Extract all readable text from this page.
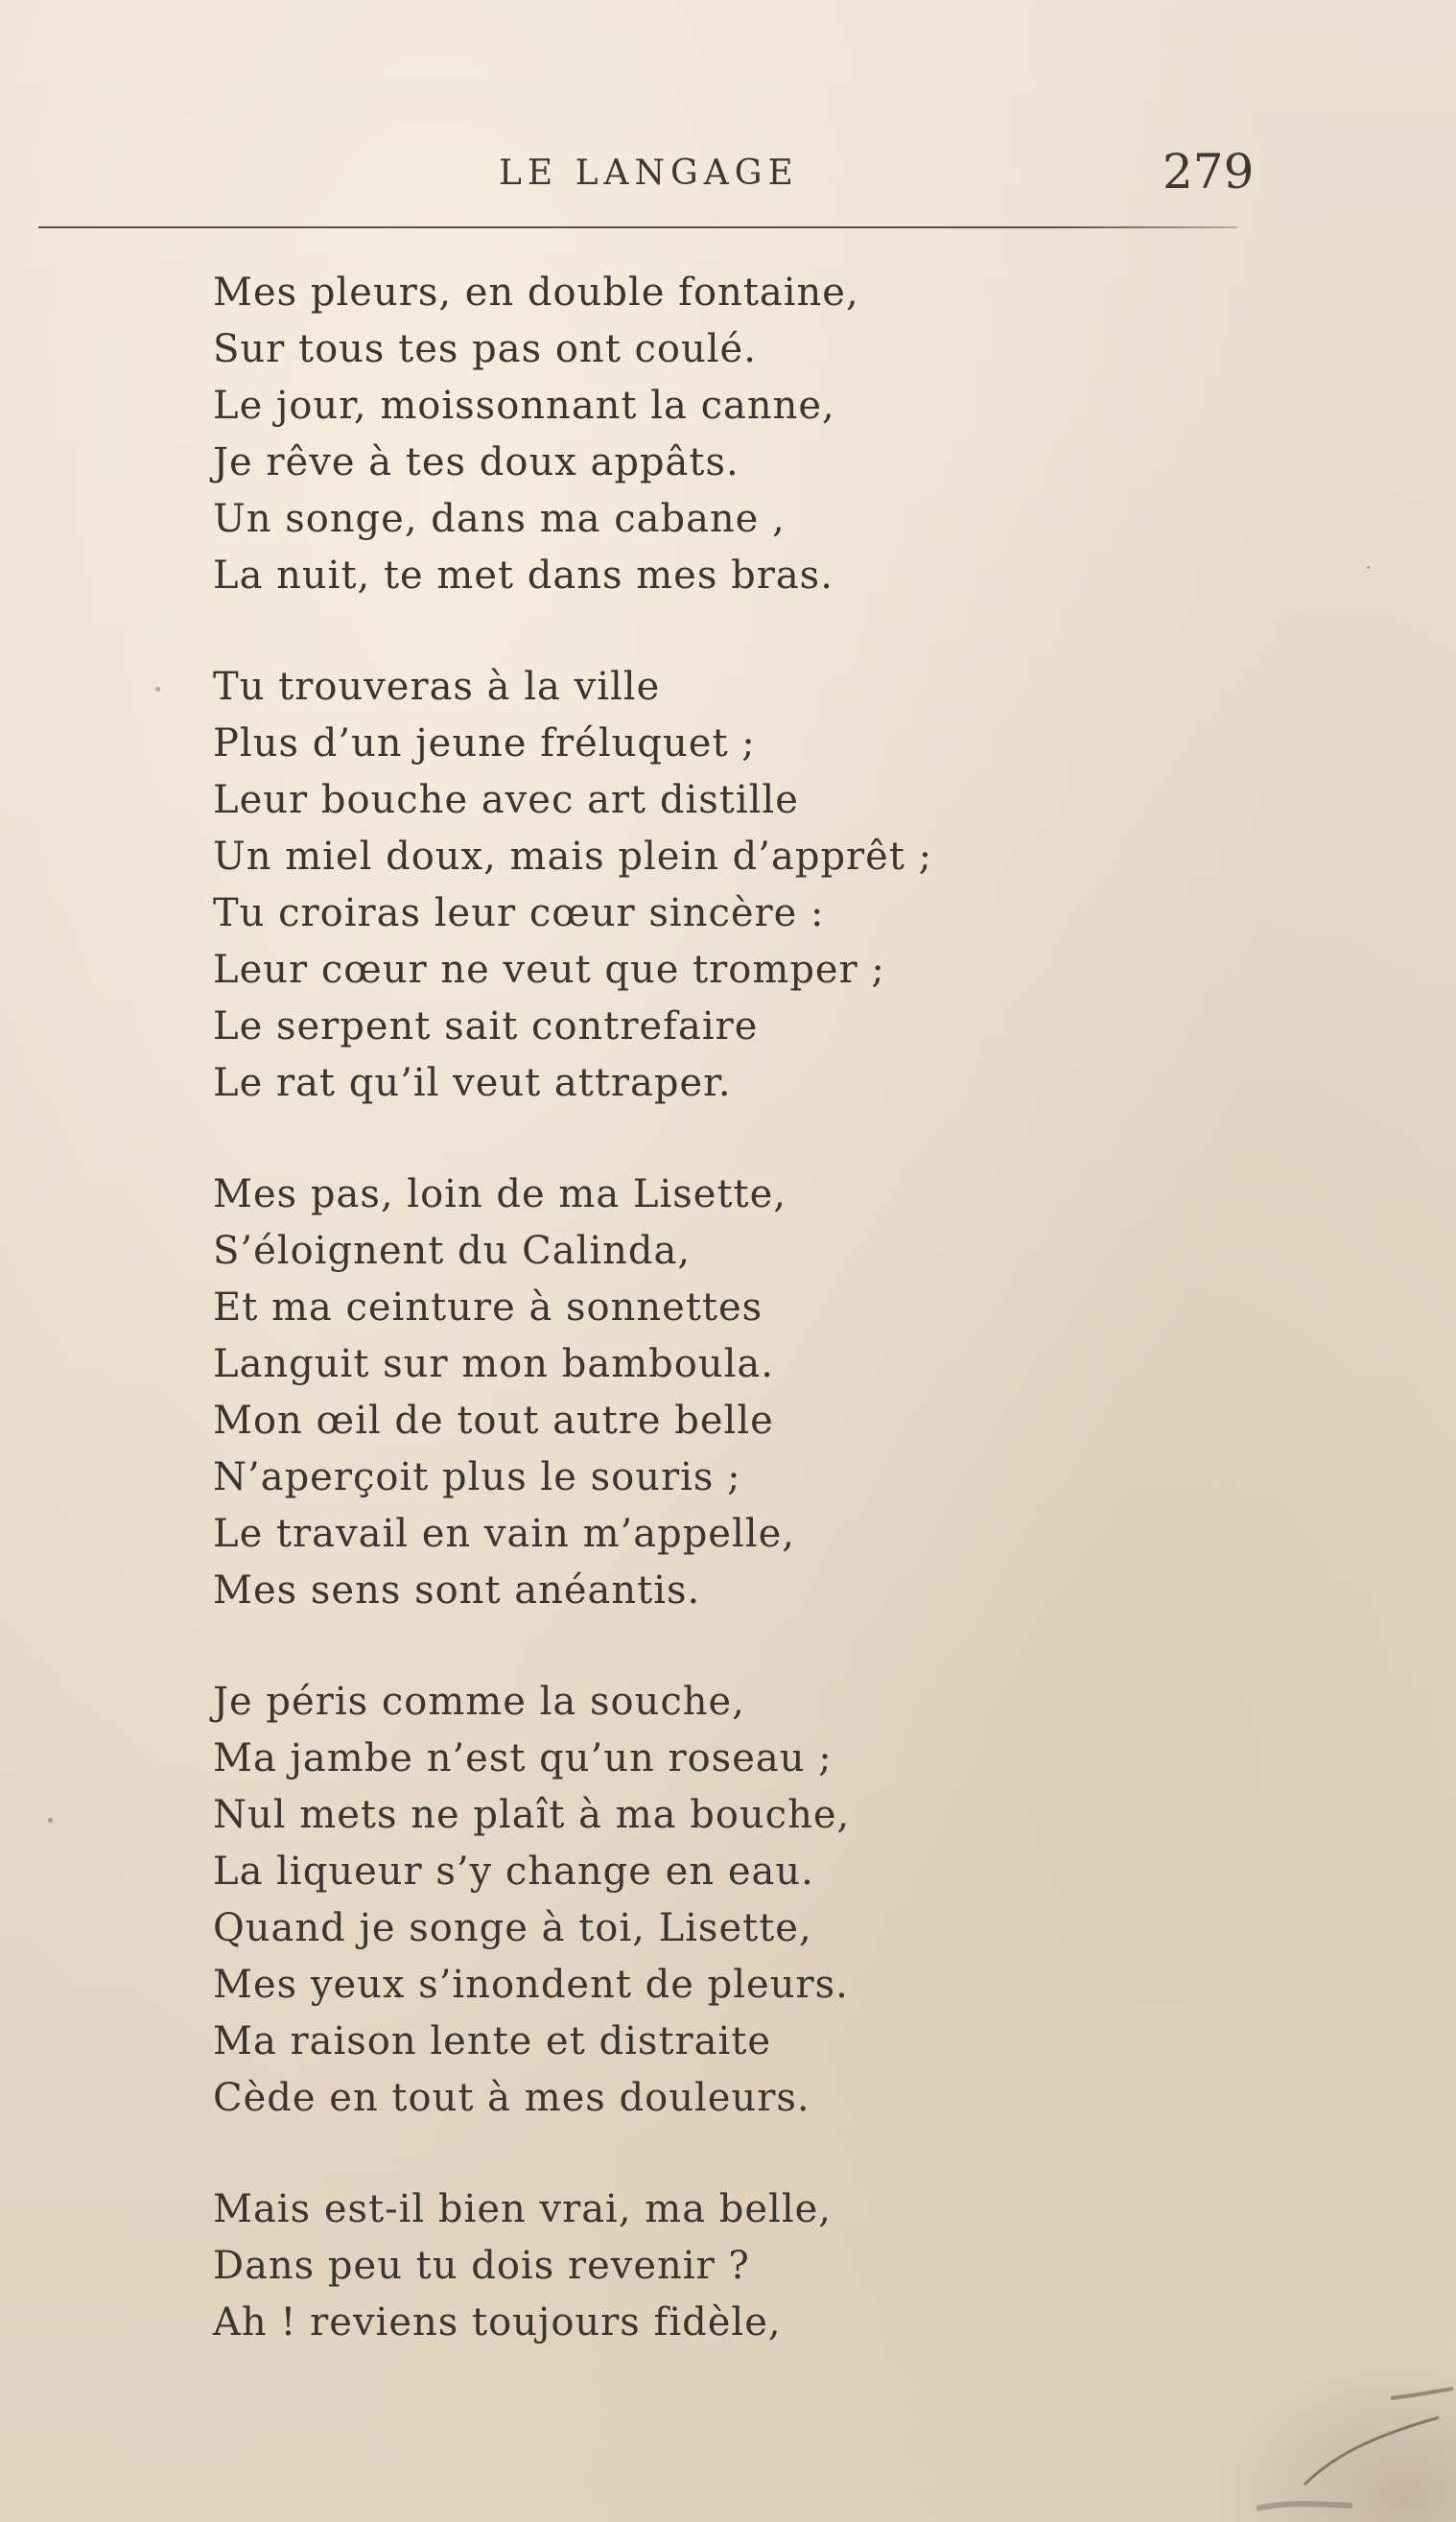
LE LANGAGE	279
Mes pleurs, en double fontaine,
Sur tous tes pas ont coulé.
Le jour, moissonnant la canne,
Je rêve à tes doux appâts.
Un songe, dans ma cabane ,
La nuit, te met dans mes bras.
Tu trouveras à la ville
Plus d’un jeune fréluquet ;
Leur bouche avec art distille
Un miel doux, mais plein d’apprêt ;
Tu croiras leur cœur sincère :
Leur cœur ne veut que tromper ;
Le serpent sait contrefaire
Le rat qu’il veut attraper.
Mes pas, loin de ma Lisette,
S’éloignent du Calinda,
Et ma ceinture à sonnettes
Languit sur mon bamboula.
Mon œil de tout autre belle
N’aperçoit plus le souris ;
Le travail en vain m’appelle,
Mes sens sont anéantis.
Je péris comme la souche,
Ma jambe n’est qu’un roseau ;
Nul mets ne plaît à ma bouche,
La liqueur s’y change en eau.
Quand je songe à toi, Lisette,
Mes yeux s’inondent de pleurs.
Ma raison lente et distraite
Cède en tout à mes douleurs.
Mais est-il bien vrai, ma belle,
Dans peu tu dois revenir ?
Ah ! reviens toujours fidèle,
